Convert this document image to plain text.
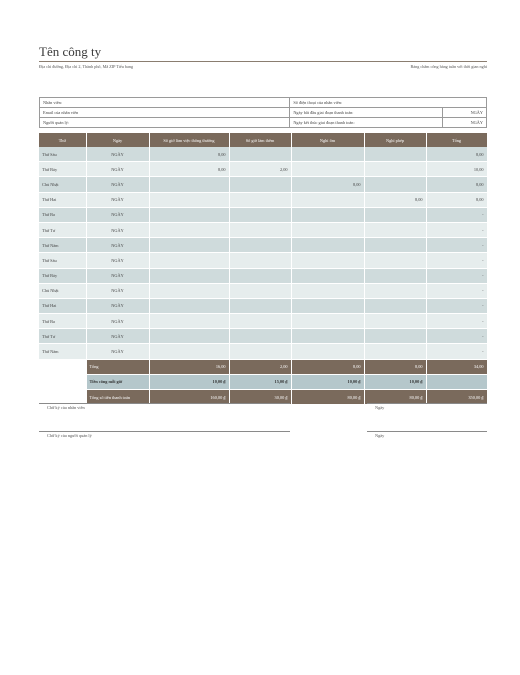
Tên công ty
Địa chỉ đường, Địa chỉ 2, Thành phố, Mã ZIP Tiểu bang	Bảng chấm công hàng tuần với thời gian nghỉ
Nhân viên:	Số điện thoại của nhân viên:	
Email của nhân viên	Ngày bắt đầu giai đoạn thanh toán:	NGÀY
Người quản lý:	Ngày kết thúc giai đoạn thanh toán:	NGÀY
Thứ	Ngày	Số giờ làm việc thông thường	Số giờ làm thêm	Nghỉ ốm	Nghỉ phép	Tổng
Thứ Sáu	NGÀY	8,00				8,00
Thứ Bảy	NGÀY	8,00	2,00			10,00
Chủ Nhật	NGÀY			8,00		8,00
Thứ Hai	NGÀY				8,00	8,00
Thứ Ba	NGÀY					-
Thứ Tư	NGÀY					-
Thứ Năm	NGÀY					-
Thứ Sáu	NGÀY					-
Thứ Bảy	NGÀY					-
Chủ Nhật	NGÀY					-
Thứ Hai	NGÀY					-
Thứ Ba	NGÀY					-
Thứ Tư	NGÀY					-
Thứ Năm	NGÀY					-
	Tổng	16,00	2,00	8,00	8,00	34,00
	Tiền công mỗi giờ	10,00 ₫	15,00 ₫	10,00 ₫	10,00 ₫	
	Tổng số tiền thanh toán	160,00 ₫	30,00 ₫	80,00 ₫	80,00 ₫	350,00 ₫
Chữ ký của nhân viên	Ngày
Chữ ký của người quản lý	Ngày
